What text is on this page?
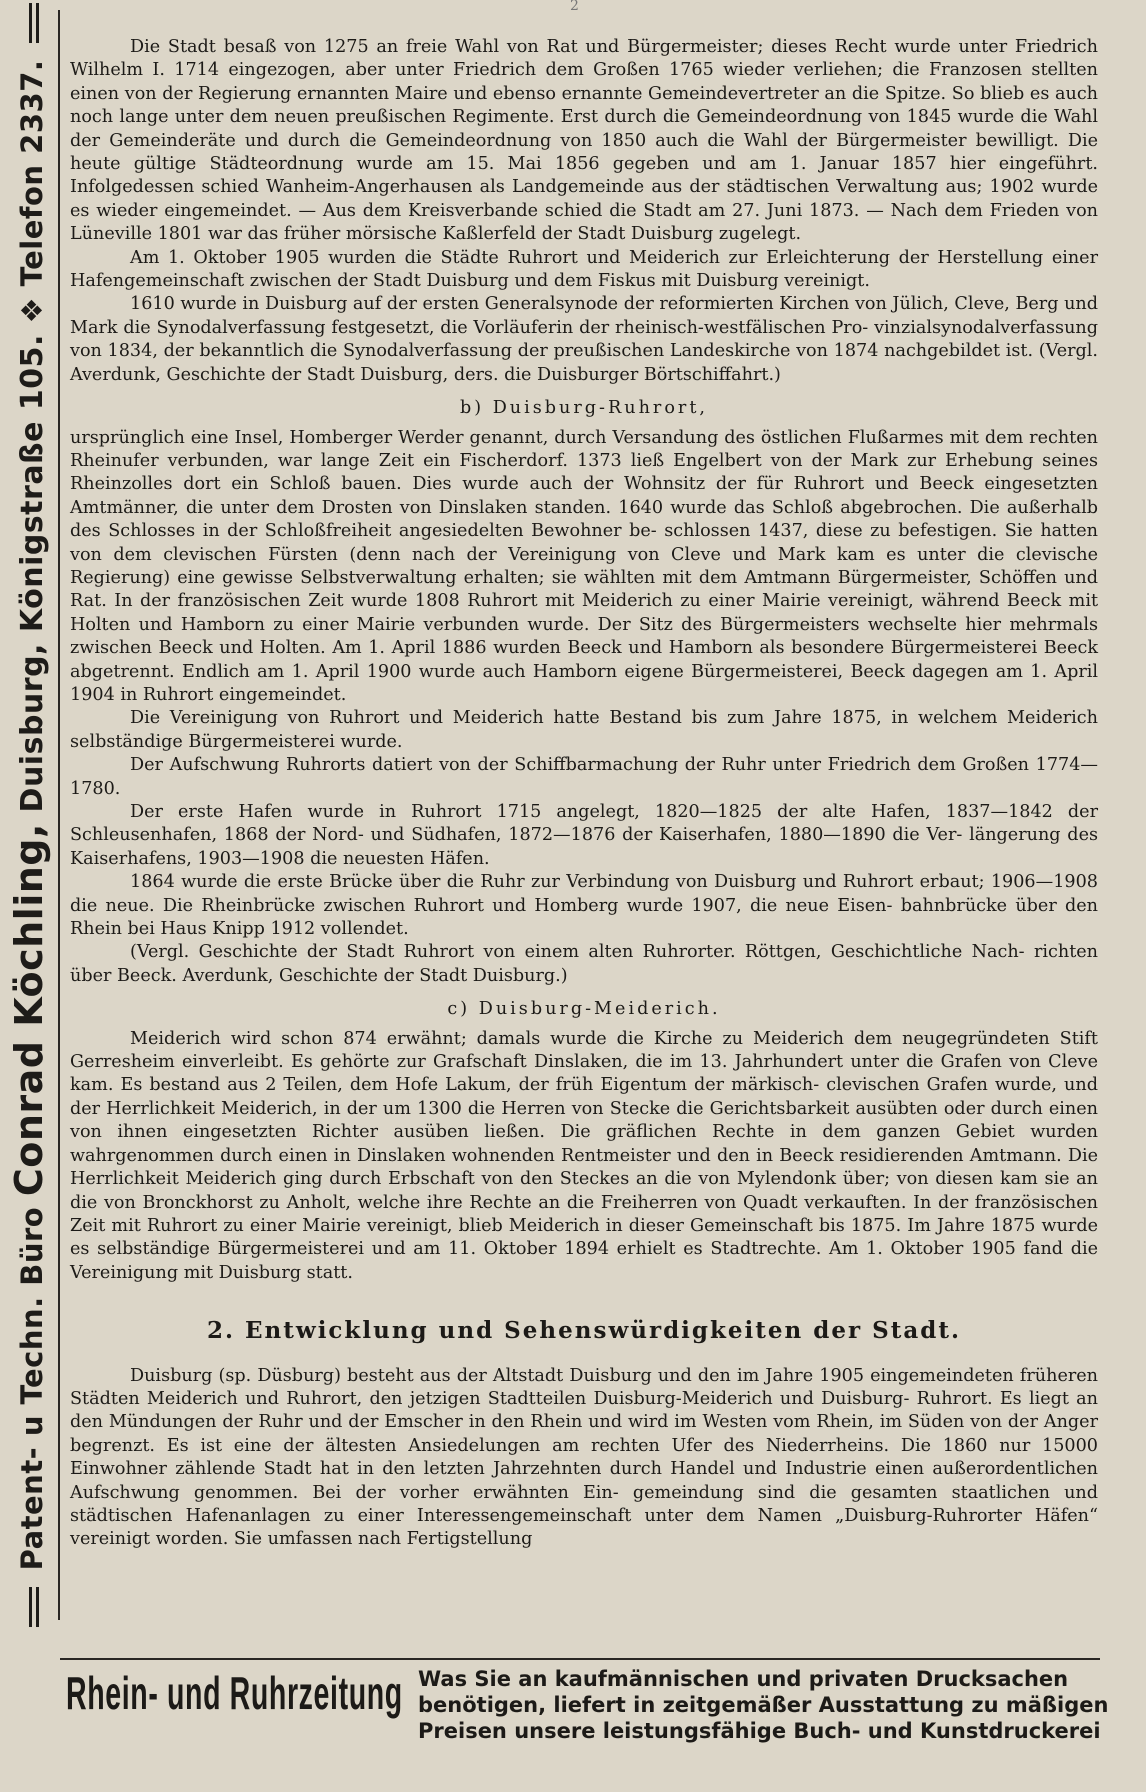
2
Patent- u Techn. Büro Conrad Köchling, Duisburg, Königstraße 105. ❖ Telefon 2337.

Die Stadt besaß von 1275 an freie Wahl von Rat und Bürgermeister; dieses Recht wurde unter Friedrich Wilhelm I. 1714 eingezogen, aber unter Friedrich dem Großen 1765 wieder verliehen; die Franzosen stellten einen von der Regierung ernannten Maire und ebenso ernannte Gemeindevertreter an die Spitze. So blieb es auch noch lange unter dem neuen preußischen Regimente. Erst durch die Gemeindeordnung von 1845 wurde die Wahl der Gemeinderäte und durch die Gemeindeordnung von 1850 auch die Wahl der Bürgermeister bewilligt. Die heute gültige Städteordnung wurde am 15. Mai 1856 gegeben und am 1. Januar 1857 hier eingeführt. Infolgedessen schied Wanheim-Angerhausen als Landgemeinde aus der städtischen Verwaltung aus; 1902 wurde es wieder eingemeindet. — Aus dem Kreisverbande schied die Stadt am 27. Juni 1873. — Nach dem Frieden von Lüneville 1801 war das früher mörsische Kaßlerfeld der Stadt Duisburg zugelegt.

Am 1. Oktober 1905 wurden die Städte Ruhrort und Meiderich zur Erleichterung der Herstellung einer Hafengemeinschaft zwischen der Stadt Duisburg und dem Fiskus mit Duisburg vereinigt.

1610 wurde in Duisburg auf der ersten Generalsynode der reformierten Kirchen von Jülich, Cleve, Berg und Mark die Synodalverfassung festgesetzt, die Vorläuferin der rheinisch-westfälischen Pro- vinzialsynodalverfassung von 1834, der bekanntlich die Synodalverfassung der preußischen Landeskirche von 1874 nachgebildet ist. (Vergl. Averdunk, Geschichte der Stadt Duisburg, ders. die Duisburger Börtschiffahrt.)

b) Duisburg-Ruhrort,

ursprünglich eine Insel, Homberger Werder genannt, durch Versandung des östlichen Flußarmes mit dem rechten Rheinufer verbunden, war lange Zeit ein Fischerdorf. 1373 ließ Engelbert von der Mark zur Erhebung seines Rheinzolles dort ein Schloß bauen. Dies wurde auch der Wohnsitz der für Ruhrort und Beeck eingesetzten Amtmänner, die unter dem Drosten von Dinslaken standen. 1640 wurde das Schloß abgebrochen. Die außerhalb des Schlosses in der Schloßfreiheit angesiedelten Bewohner be- schlossen 1437, diese zu befestigen. Sie hatten von dem clevischen Fürsten (denn nach der Vereinigung von Cleve und Mark kam es unter die clevische Regierung) eine gewisse Selbstverwaltung erhalten; sie wählten mit dem Amtmann Bürgermeister, Schöffen und Rat. In der französischen Zeit wurde 1808 Ruhrort mit Meiderich zu einer Mairie vereinigt, während Beeck mit Holten und Hamborn zu einer Mairie verbunden wurde. Der Sitz des Bürgermeisters wechselte hier mehrmals zwischen Beeck und Holten. Am 1. April 1886 wurden Beeck und Hamborn als besondere Bürgermeisterei Beeck abgetrennt. Endlich am 1. April 1900 wurde auch Hamborn eigene Bürgermeisterei, Beeck dagegen am 1. April 1904 in Ruhrort eingemeindet.

Die Vereinigung von Ruhrort und Meiderich hatte Bestand bis zum Jahre 1875, in welchem Meiderich selbständige Bürgermeisterei wurde.

Der Aufschwung Ruhrorts datiert von der Schiffbarmachung der Ruhr unter Friedrich dem Großen 1774—1780.

Der erste Hafen wurde in Ruhrort 1715 angelegt, 1820—1825 der alte Hafen, 1837—1842 der Schleusenhafen, 1868 der Nord- und Südhafen, 1872—1876 der Kaiserhafen, 1880—1890 die Ver- längerung des Kaiserhafens, 1903—1908 die neuesten Häfen.

1864 wurde die erste Brücke über die Ruhr zur Verbindung von Duisburg und Ruhrort erbaut; 1906—1908 die neue. Die Rheinbrücke zwischen Ruhrort und Homberg wurde 1907, die neue Eisen- bahnbrücke über den Rhein bei Haus Knipp 1912 vollendet.

(Vergl. Geschichte der Stadt Ruhrort von einem alten Ruhrorter. Röttgen, Geschichtliche Nach- richten über Beeck. Averdunk, Geschichte der Stadt Duisburg.)

c) Duisburg-Meiderich.

Meiderich wird schon 874 erwähnt; damals wurde die Kirche zu Meiderich dem neugegründeten Stift Gerresheim einverleibt. Es gehörte zur Grafschaft Dinslaken, die im 13. Jahrhundert unter die Grafen von Cleve kam. Es bestand aus 2 Teilen, dem Hofe Lakum, der früh Eigentum der märkisch- clevischen Grafen wurde, und der Herrlichkeit Meiderich, in der um 1300 die Herren von Stecke die Gerichtsbarkeit ausübten oder durch einen von ihnen eingesetzten Richter ausüben ließen. Die gräflichen Rechte in dem ganzen Gebiet wurden wahrgenommen durch einen in Dinslaken wohnenden Rentmeister und den in Beeck residierenden Amtmann. Die Herrlichkeit Meiderich ging durch Erbschaft von den Steckes an die von Mylendonk über; von diesen kam sie an die von Bronckhorst zu Anholt, welche ihre Rechte an die Freiherren von Quadt verkauften. In der französischen Zeit mit Ruhrort zu einer Mairie vereinigt, blieb Meiderich in dieser Gemeinschaft bis 1875. Im Jahre 1875 wurde es selbständige Bürgermeisterei und am 11. Oktober 1894 erhielt es Stadtrechte. Am 1. Oktober 1905 fand die Vereinigung mit Duisburg statt.

2. Entwicklung und Sehenswürdigkeiten der Stadt.

Duisburg (sp. Düsburg) besteht aus der Altstadt Duisburg und den im Jahre 1905 eingemeindeten früheren Städten Meiderich und Ruhrort, den jetzigen Stadtteilen Duisburg-Meiderich und Duisburg- Ruhrort. Es liegt an den Mündungen der Ruhr und der Emscher in den Rhein und wird im Westen vom Rhein, im Süden von der Anger begrenzt. Es ist eine der ältesten Ansiedelungen am rechten Ufer des Niederrheins. Die 1860 nur 15000 Einwohner zählende Stadt hat in den letzten Jahrzehnten durch Handel und Industrie einen außerordentlichen Aufschwung genommen. Bei der vorher erwähnten Ein- gemeindung sind die gesamten staatlichen und städtischen Hafenanlagen zu einer Interessengemeinschaft unter dem Namen „Duisburg-Ruhrorter Häfen“ vereinigt worden. Sie umfassen nach Fertigstellung

Rhein- und Ruhrzeitung Was Sie an kaufmännischen und privaten Drucksachen
benötigen, liefert in zeitgemäßer Ausstattung zu mäßigen
Preisen unsere leistungsfähige Buch- und Kunstdruckerei
